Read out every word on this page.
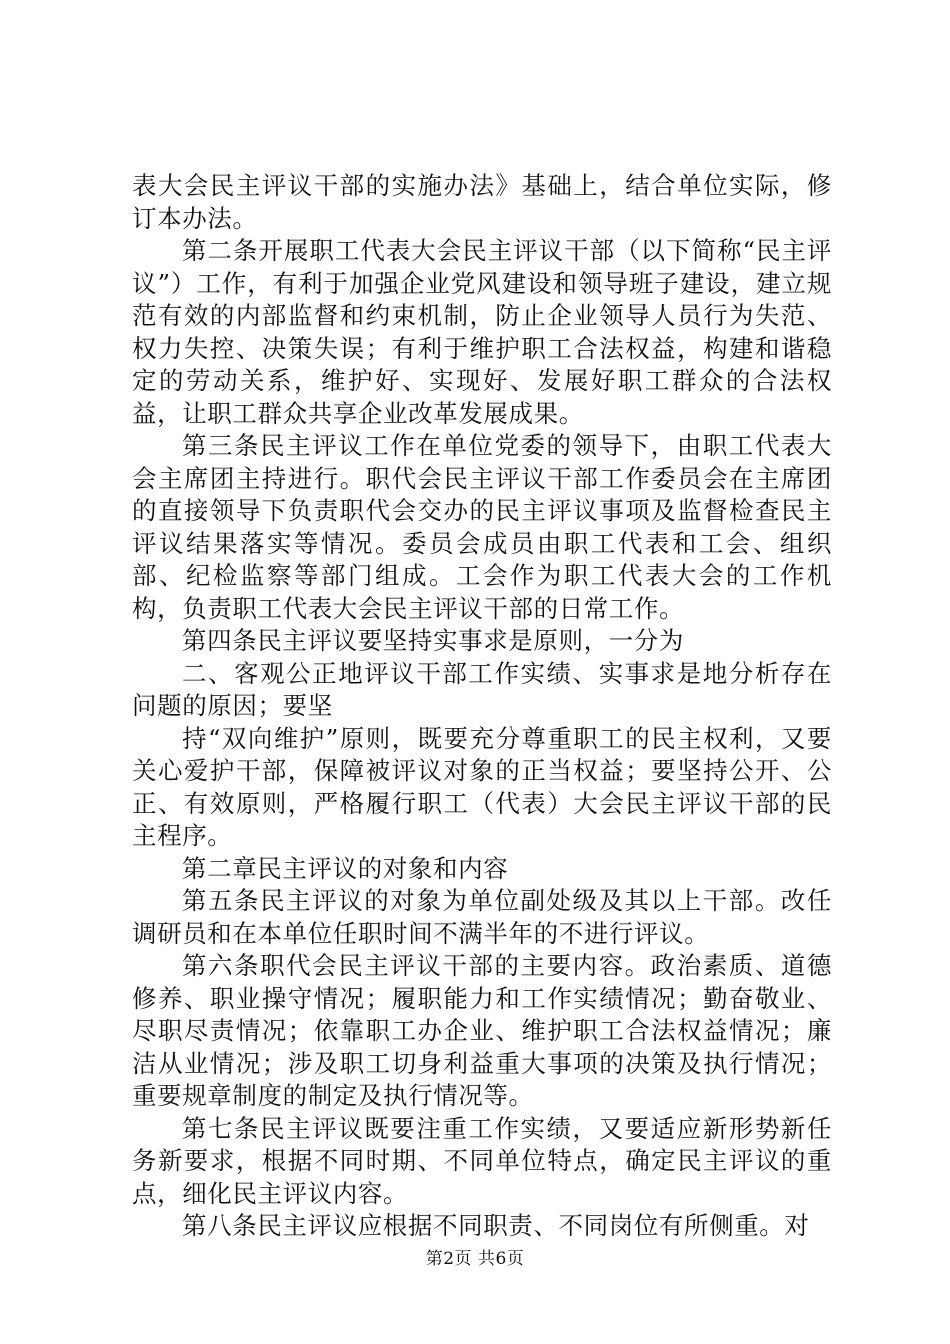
表大会民主评议干部的实施办法》基础上，结合单位实际，修订本办法。

第二条开展职工代表大会民主评议干部（以下简称“民主评议”）工作，有利于加强企业党风建设和领导班子建设，建立规范有效的内部监督和约束机制，防止企业领导人员行为失范、权力失控、决策失误；有利于维护职工合法权益，构建和谐稳定的劳动关系，维护好、实现好、发展好职工群众的合法权益，让职工群众共享企业改革发展成果。

第三条民主评议工作在单位党委的领导下，由职工代表大会主席团主持进行。职代会民主评议干部工作委员会在主席团的直接领导下负责职代会交办的民主评议事项及监督检查民主评议结果落实等情况。委员会成员由职工代表和工会、组织部、纪检监察等部门组成。工会作为职工代表大会的工作机构，负责职工代表大会民主评议干部的日常工作。

第四条民主评议要坚持实事求是原则，一分为

二、客观公正地评议干部工作实绩、实事求是地分析存在问题的原因；要坚

持“双向维护”原则，既要充分尊重职工的民主权利，又要关心爱护干部，保障被评议对象的正当权益；要坚持公开、公正、有效原则，严格履行职工（代表）大会民主评议干部的民主程序。

第二章民主评议的对象和内容

第五条民主评议的对象为单位副处级及其以上干部。改任调研员和在本单位任职时间不满半年的不进行评议。

第六条职代会民主评议干部的主要内容。政治素质、道德修养、职业操守情况；履职能力和工作实绩情况；勤奋敬业、尽职尽责情况；依靠职工办企业、维护职工合法权益情况；廉洁从业情况；涉及职工切身利益重大事项的决策及执行情况；重要规章制度的制定及执行情况等。

第七条民主评议既要注重工作实绩，又要适应新形势新任务新要求，根据不同时期、不同单位特点，确定民主评议的重点，细化民主评议内容。

第八条民主评议应根据不同职责、不同岗位有所侧重。对

第2页 共6页
